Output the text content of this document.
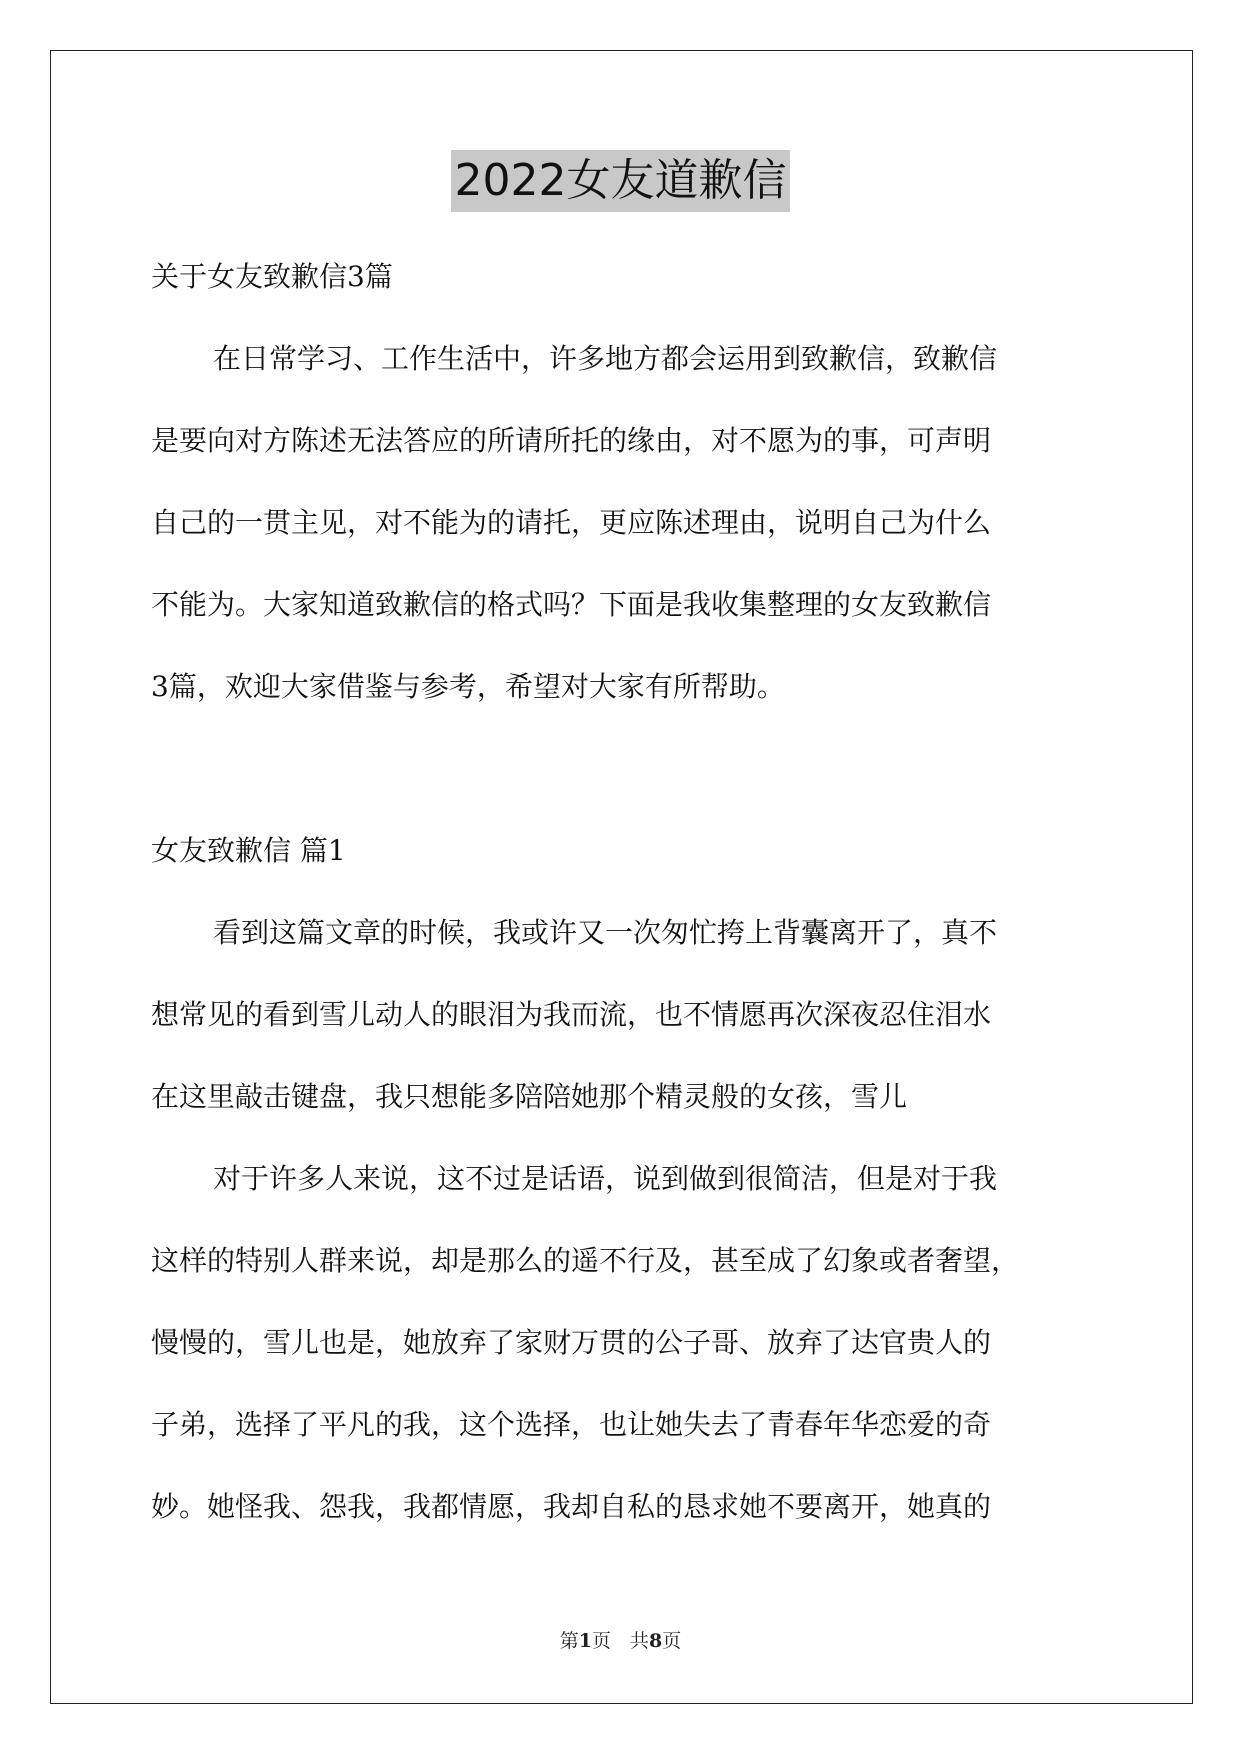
2022女友道歉信
关于女友致歉信3篇
在日常学习、工作生活中，许多地方都会运用到致歉信，致歉信
是要向对方陈述无法答应的所请所托的缘由，对不愿为的事，可声明
自己的一贯主见，对不能为的请托，更应陈述理由，说明自己为什么
不能为。大家知道致歉信的格式吗？下面是我收集整理的女友致歉信
3篇，欢迎大家借鉴与参考，希望对大家有所帮助。
女友致歉信 篇1
看到这篇文章的时候，我或许又一次匆忙挎上背囊离开了，真不
想常见的看到雪儿动人的眼泪为我而流，也不情愿再次深夜忍住泪水
在这里敲击键盘，我只想能多陪陪她那个精灵般的女孩，雪儿
对于许多人来说，这不过是话语，说到做到很简洁，但是对于我
这样的特别人群来说，却是那么的遥不行及，甚至成了幻象或者奢望，
慢慢的，雪儿也是，她放弃了家财万贯的公子哥、放弃了达官贵人的
子弟，选择了平凡的我，这个选择，也让她失去了青春年华恋爱的奇
妙。她怪我、怨我，我都情愿，我却自私的恳求她不要离开，她真的
第1页　共8页
